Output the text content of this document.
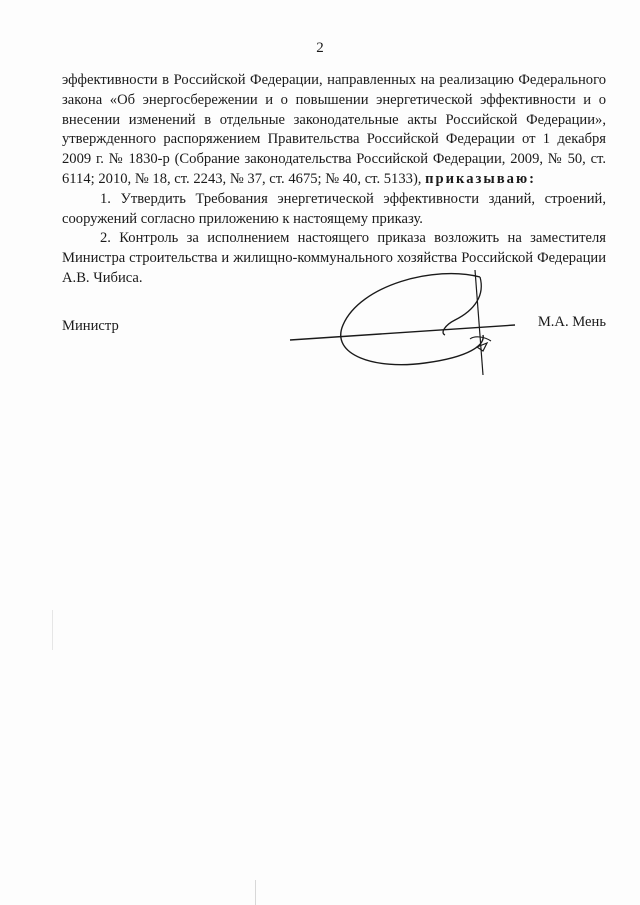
2

эффективности в Российской Федерации, направленных на реализацию Федерального закона «Об энергосбережении и о повышении энергетической эффективности и о внесении изменений в отдельные законодательные акты Российской Федерации», утвержденного распоряжением Правительства Российской Федерации от 1 декабря 2009 г. № 1830-р (Собрание законодательства Российской Федерации, 2009, № 50, ст. 6114; 2010, № 18, ст. 2243, № 37, ст. 4675; № 40, ст. 5133), приказываю:

1. Утвердить Требования энергетической эффективности зданий, строений, сооружений согласно приложению к настоящему приказу.

2. Контроль за исполнением настоящего приказа возложить на заместителя Министра строительства и жилищно-коммунального хозяйства Российской Федерации А.В. Чибиса.

Министр	М.А. Мень
